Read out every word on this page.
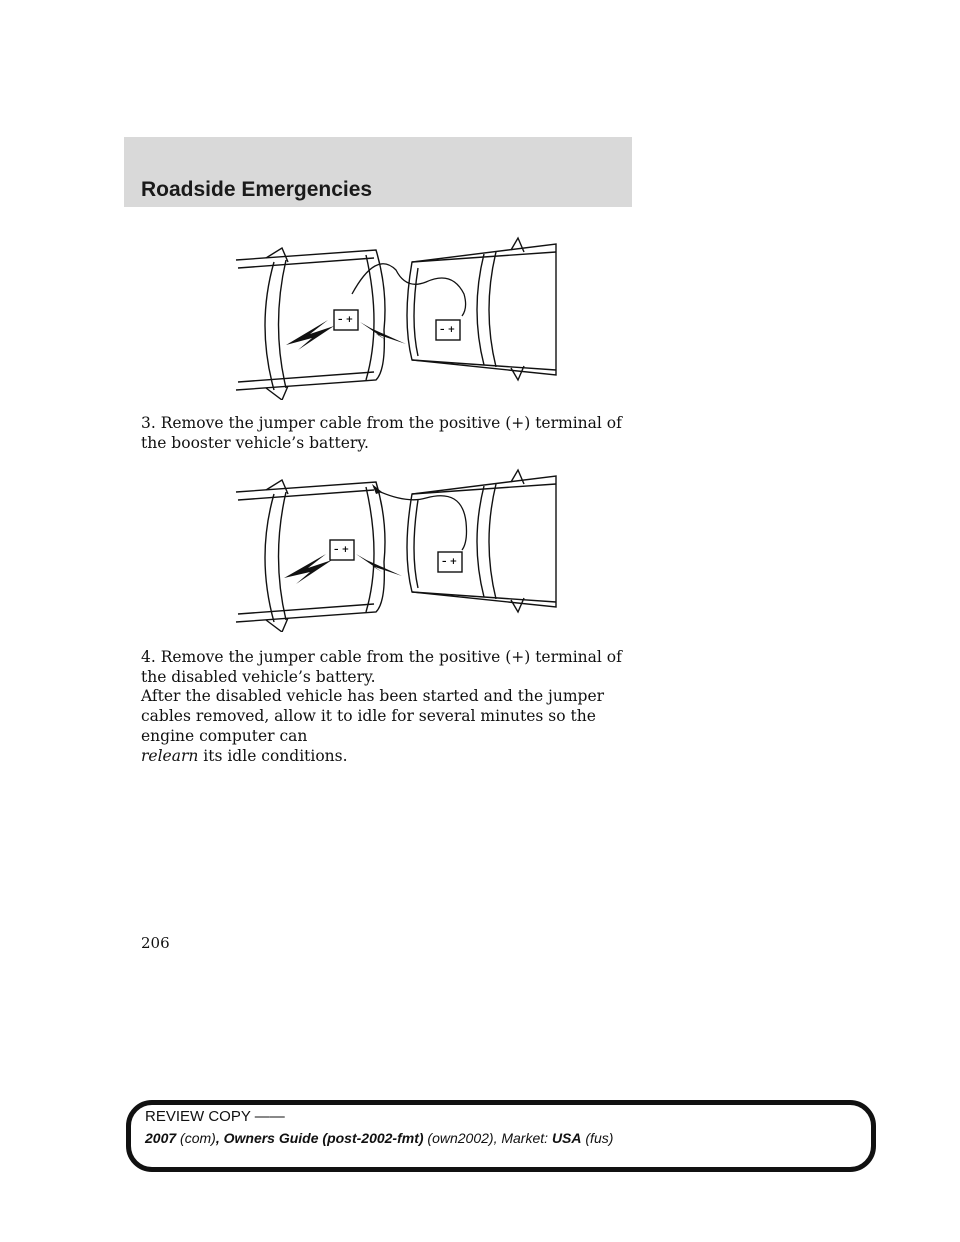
Roadside Emergencies
– +
– +
3. Remove the jumper cable from the positive (+) terminal of the booster vehicle’s battery.
– +
– +
4. Remove the jumper cable from the positive (+) terminal of the disabled vehicle’s battery.
After the disabled vehicle has been started and the jumper cables removed, allow it to idle for several minutes so the engine computer can
relearn its idle conditions.
206
REVIEW COPY ——
2007 (com), Owners Guide (post-2002-fmt) (own2002), Market: USA (fus)
